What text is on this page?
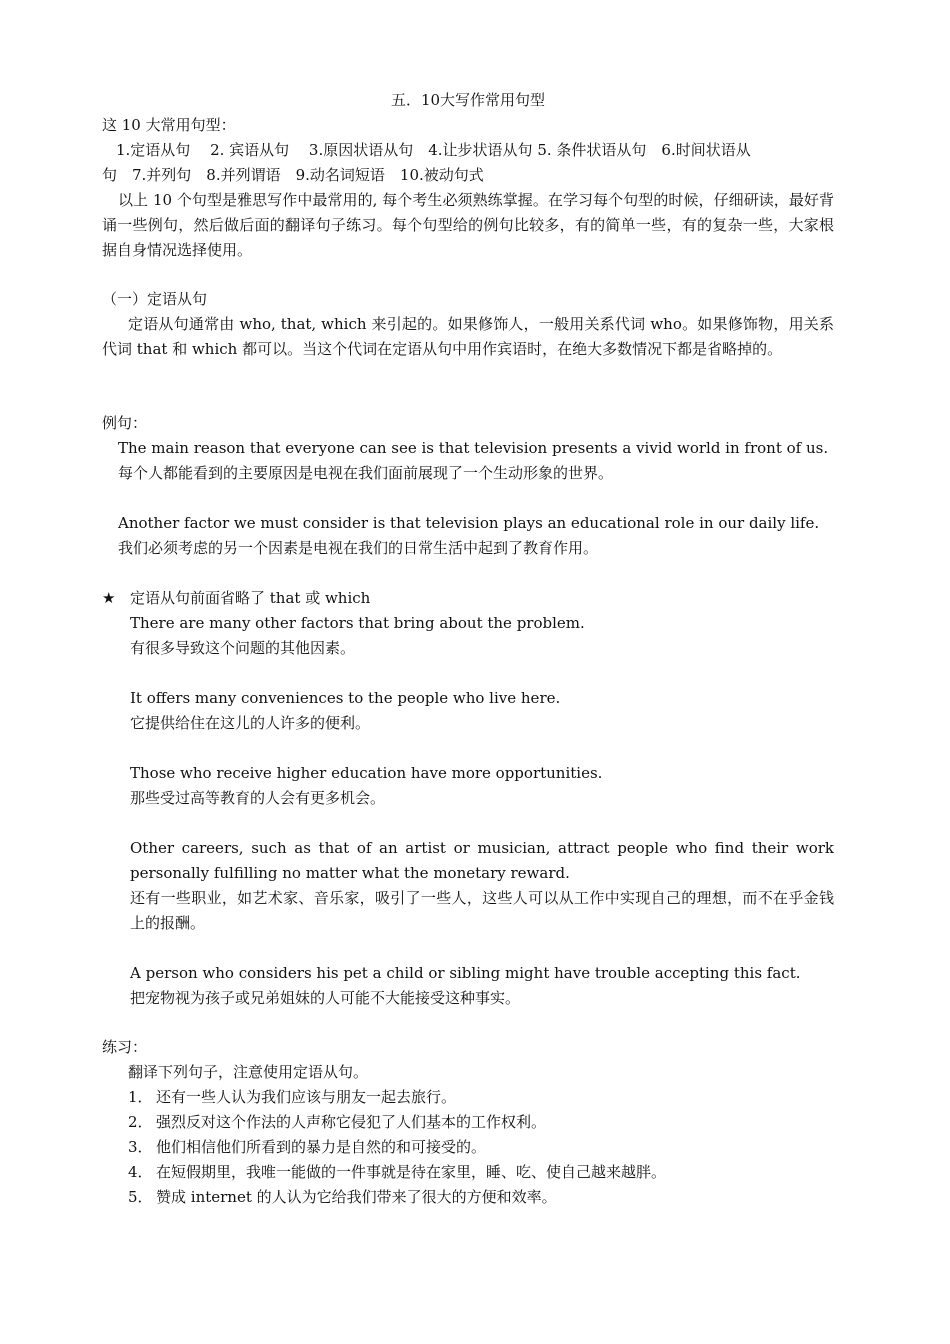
五．10大写作常用句型
这 10 大常用句型：
1.定语从句　 2. 宾语从句　 3.原因状语从句　4.让步状语从句 5. 条件状语从句　6.时间状语从
句　7.并列句　8.并列谓语　9.动名词短语　10.被动句式
以上 10 个句型是雅思写作中最常用的, 每个考生必须熟练掌握。在学习每个句型的时候，仔细研读，最好背诵一些例句，然后做后面的翻译句子练习。每个句型给的例句比较多，有的简单一些，有的复杂一些，大家根据自身情况选择使用。
（一）定语从句
定语从句通常由 who, that, which 来引起的。如果修饰人，一般用关系代词 who。如果修饰物，用关系代词 that 和 which 都可以。当这个代词在定语从句中用作宾语时，在绝大多数情况下都是省略掉的。
例句：
The main reason that everyone can see is that television presents a vivid world in front of us.
每个人都能看到的主要原因是电视在我们面前展现了一个生动形象的世界。
Another factor we must consider is that television plays an educational role in our daily life.
我们必须考虑的另一个因素是电视在我们的日常生活中起到了教育作用。
★ 定语从句前面省略了 that 或 which
There are many other factors that bring about the problem.
有很多导致这个问题的其他因素。
It offers many conveniences to the people who live here.
它提供给住在这儿的人许多的便利。
Those who receive higher education have more opportunities.
那些受过高等教育的人会有更多机会。
Other careers, such as that of an artist or musician, attract people who find their work personally fulfilling no matter what the monetary reward.
还有一些职业，如艺术家、音乐家，吸引了一些人，这些人可以从工作中实现自己的理想，而不在乎金钱上的报酬。
A person who considers his pet a child or sibling might have trouble accepting this fact.
把宠物视为孩子或兄弟姐妹的人可能不大能接受这种事实。
练习：
翻译下列句子，注意使用定语从句。
1． 还有一些人认为我们应该与朋友一起去旅行。
2． 强烈反对这个作法的人声称它侵犯了人们基本的工作权利。
3． 他们相信他们所看到的暴力是自然的和可接受的。
4． 在短假期里，我唯一能做的一件事就是待在家里，睡、吃、使自己越来越胖。
5． 赞成 internet 的人认为它给我们带来了很大的方便和效率。
